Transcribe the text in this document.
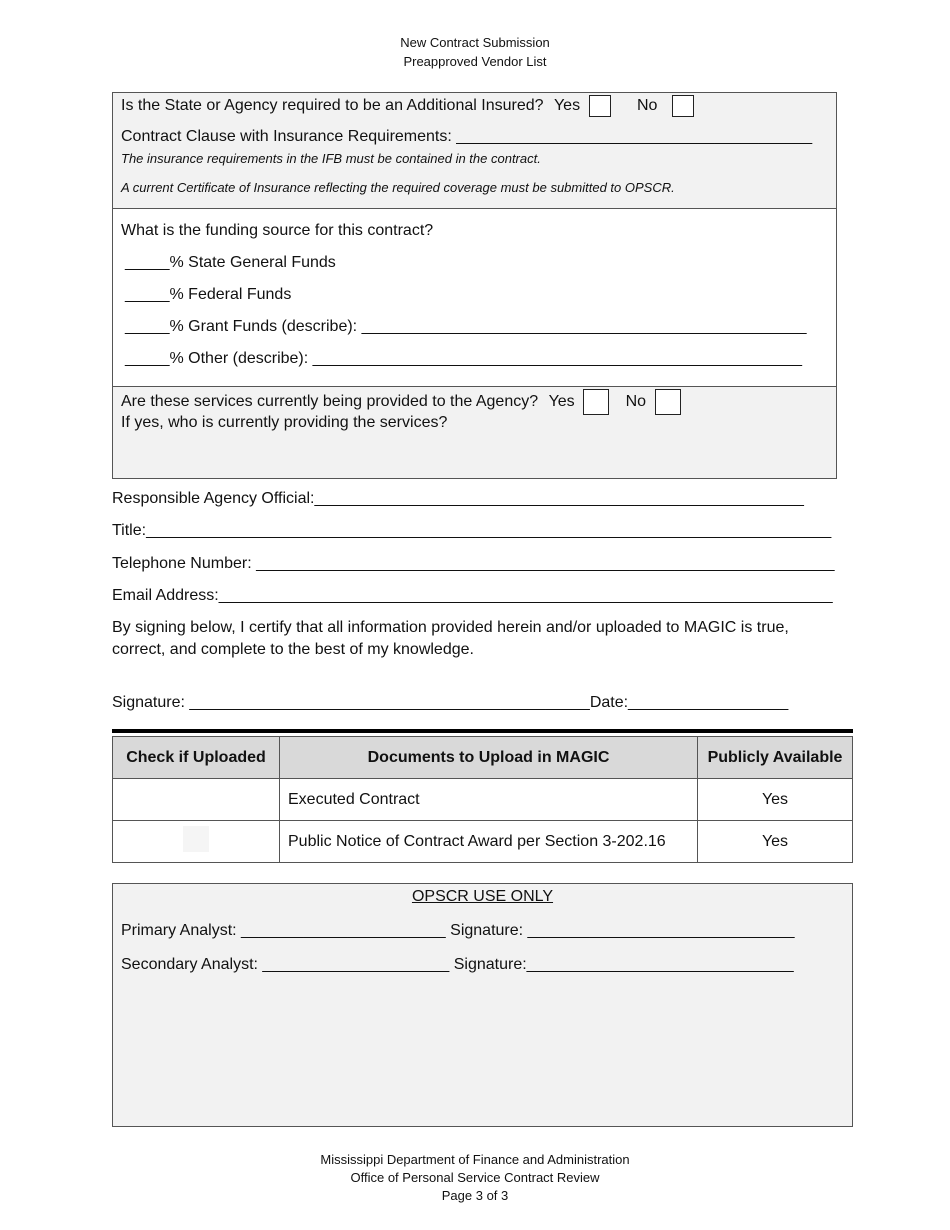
New Contract Submission
Preapproved Vendor List
Is the State or Agency required to be an Additional Insured? Yes	No
Contract Clause with Insurance Requirements: ________________________________________
The insurance requirements in the IFB must be contained in the contract.
A current Certificate of Insurance reflecting the required coverage must be submitted to OPSCR.
What is the funding source for this contract?
_____% State General Funds
_____% Federal Funds
_____% Grant Funds (describe): __________________________________________________
_____% Other (describe): _______________________________________________________
Are these services currently being provided to the Agency? Yes	No
If yes, who is currently providing the services?
Responsible Agency Official:_______________________________________________________
Title:_____________________________________________________________________________
Telephone Number: _________________________________________________________________
Email Address:_____________________________________________________________________
By signing below, I certify that all information provided herein and/or uploaded to MAGIC is true,
correct, and complete to the best of my knowledge.
Signature: _____________________________________________Date:__________________
Check if Uploaded	Documents to Upload in MAGIC	Publicly Available
	Executed Contract	Yes
	Public Notice of Contract Award per Section 3-202.16	Yes
OPSCR USE ONLY
Primary Analyst: _______________________ Signature: ______________________________
Secondary Analyst: _____________________ Signature:______________________________
Mississippi Department of Finance and Administration
Office of Personal Service Contract Review
Page 3 of 3
